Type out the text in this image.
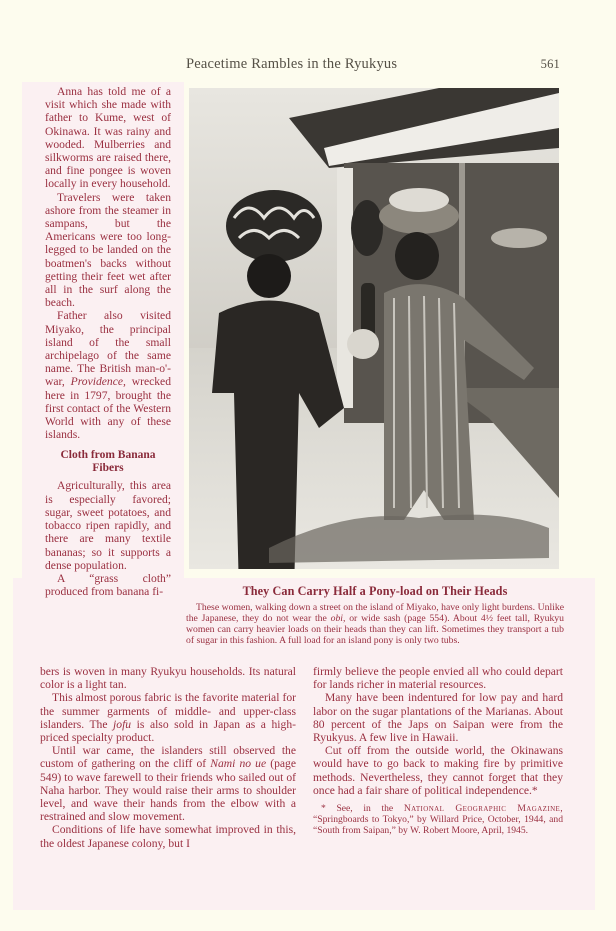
Peacetime Rambles in the Ryukyus	561

Anna has told me of a visit which she made with father to Kume, west of Okinawa. It was rainy and wooded. Mulberries and silkworms are raised there, and fine pongee is woven locally in every household.

Travelers were taken ashore from the steamer in sampans, but the Americans were too long-legged to be landed on the boatmen's backs without getting their feet wet after all in the surf along the beach.

Father also visited Miyako, the principal island of the small archipelago of the same name. The British man-o'-war, Providence, wrecked here in 1797, brought the first contact of the Western World with any of these islands.

Cloth from Banana Fibers

Agriculturally, this area is especially favored; sugar, sweet potatoes, and tobacco ripen rapidly, and there are many textile bananas; so it supports a dense population.

A “grass cloth” produced from banana fi-	They Can Carry Half a Pony-load on Their Heads

These women, walking down a street on the island of Miyako, have only light burdens. Unlike the Japanese, they do not wear the obi, or wide sash (page 554). About 4½ feet tall, Ryukyu women can carry heavier loads on their heads than they can lift. Sometimes they transport a tub of sugar in this fashion. A full load for an island pony is only two tubs.

bers is woven in many Ryukyu households. Its natural color is a light tan.

This almost porous fabric is the favorite material for the summer garments of middle- and upper-class islanders. The jofu is also sold in Japan as a high-priced specialty product.

Until war came, the islanders still observed the custom of gathering on the cliff of Nami no ue (page 549) to wave farewell to their friends who sailed out of Naha harbor. They would raise their arms to shoulder level, and wave their hands from the elbow with a restrained and slow movement.

Conditions of life have somewhat improved in this, the oldest Japanese colony, but I

firmly believe the people envied all who could depart for lands richer in material resources.

Many have been indentured for low pay and hard labor on the sugar plantations of the Marianas. About 80 percent of the Japs on Saipan were from the Ryukyus. A few live in Hawaii.

Cut off from the outside world, the Okinawans would have to go back to making fire by primitive methods. Nevertheless, they cannot forget that they once had a fair share of political independence.*

* See, in the National Geographic Magazine, “Springboards to Tokyo,” by Willard Price, October, 1944, and “South from Saipan,” by W. Robert Moore, April, 1945.
